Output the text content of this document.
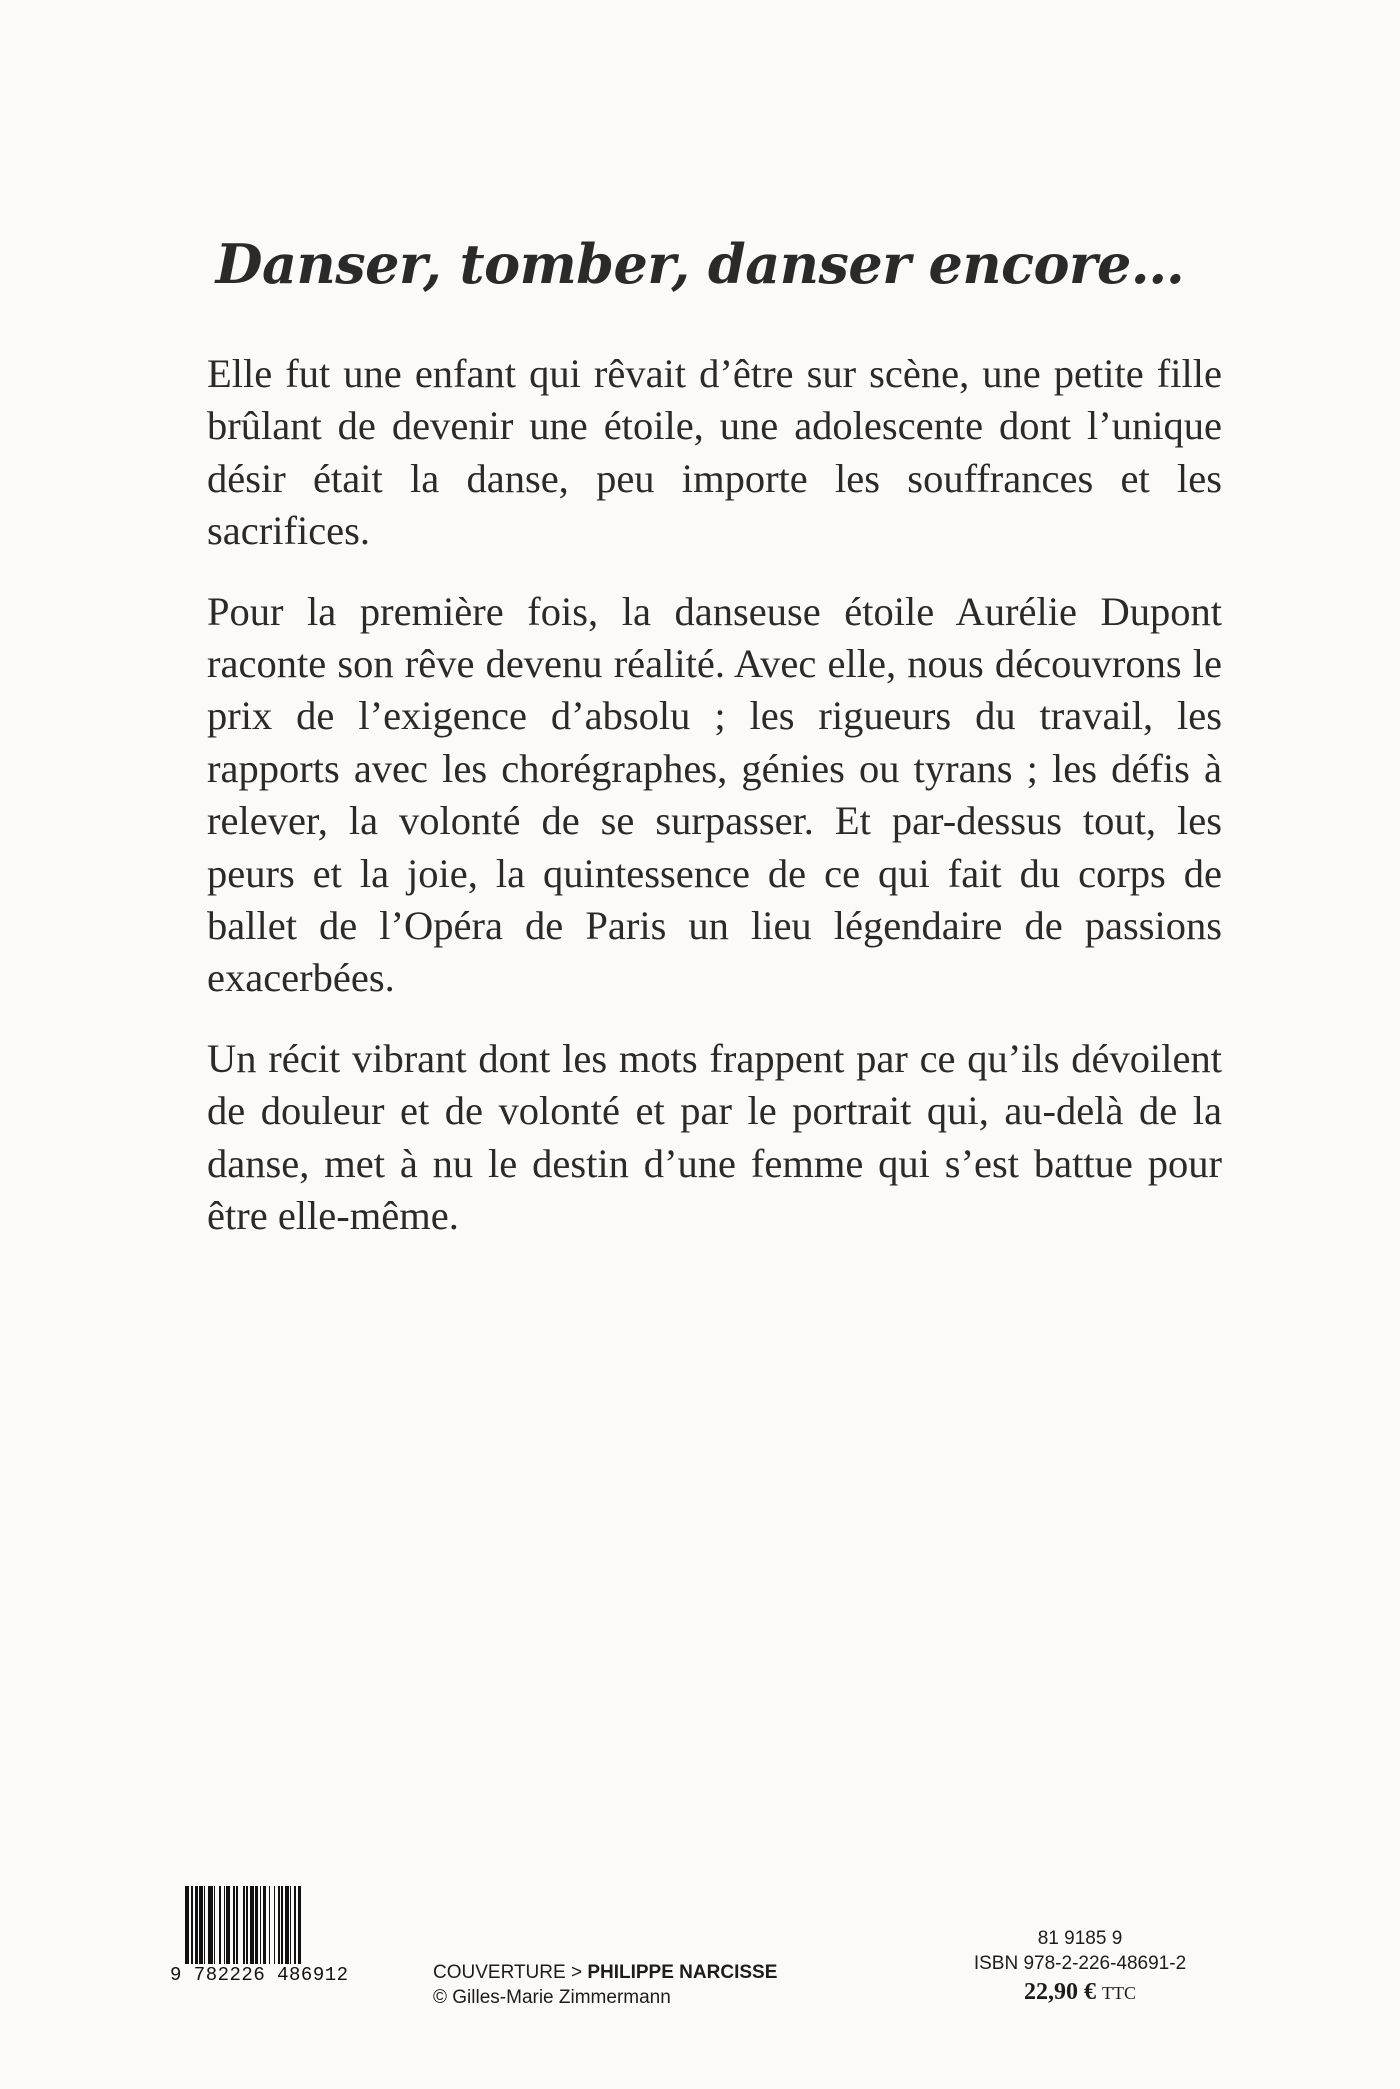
Danser, tomber, danser encore…

Elle fut une enfant qui rêvait d’être sur scène, une petite fille brûlant de devenir une étoile, une adolescente dont l’unique désir était la danse, peu importe les souffrances et les sacrifices.

Pour la première fois, la danseuse étoile Aurélie Dupont raconte son rêve devenu réalité. Avec elle, nous découvrons le prix de l’exigence d’absolu ; les rigueurs du travail, les rapports avec les chorégraphes, génies ou tyrans ; les défis à relever, la volonté de se surpasser. Et par-dessus tout, les peurs et la joie, la quintessence de ce qui fait du corps de ballet de l’Opéra de Paris un lieu légendaire de passions exacerbées.

Un récit vibrant dont les mots frappent par ce qu’ils dévoilent de douleur et de volonté et par le portrait qui, au-delà de la danse, met à nu le destin d’une femme qui s’est battue pour être elle-même.

9 782226 486912	COUVERTURE > PHILIPPE NARCISSE
© Gilles-Marie Zimmermann
81 9185 9
ISBN 978-2-226-48691-2
22,90 € TTC
